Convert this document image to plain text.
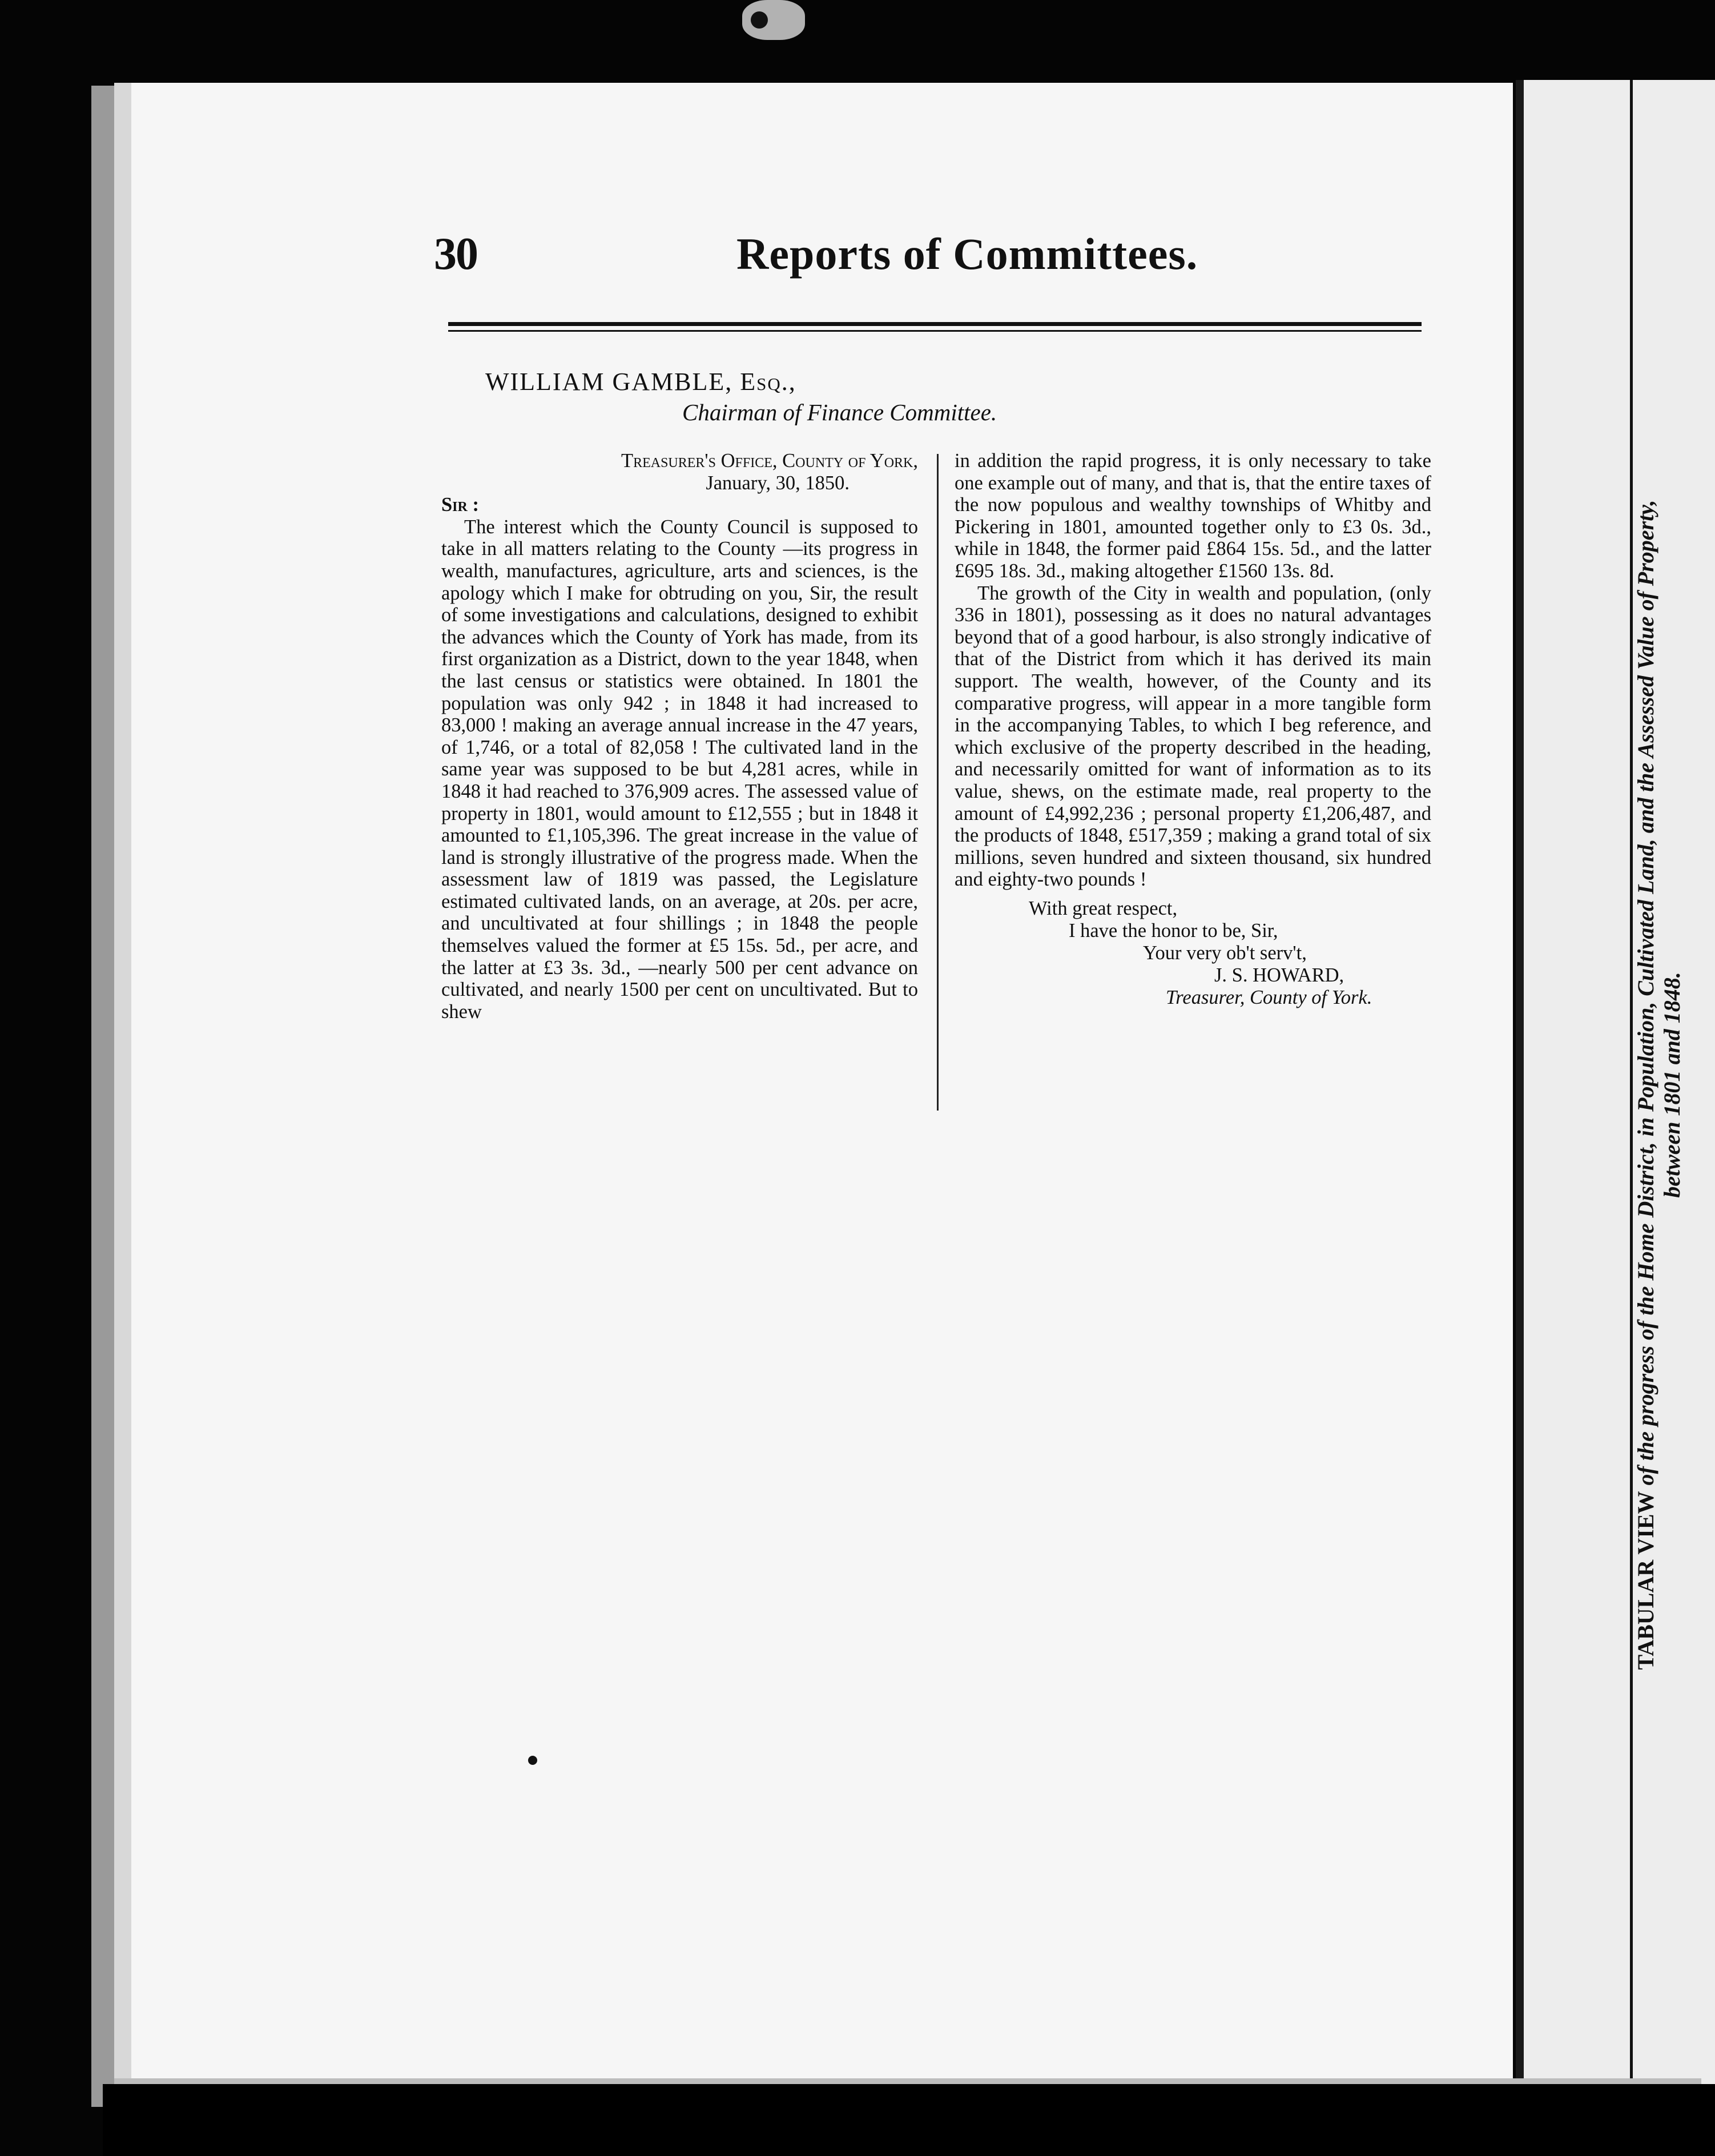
30	Reports of Committees.
WILLIAM GAMBLE, Esq.,
Chairman of Finance Committee.
Treasurer's Office, County of York,
January, 30, 1850.

Sir :

The interest which the County Council is supposed to take in all matters relating to the County —its progress in wealth, manufactures, agriculture, arts and sciences, is the apology which I make for obtruding on you, Sir, the result of some investigations and calculations, designed to exhibit the advances which the County of York has made, from its first organization as a District, down to the year 1848, when the last census or statistics were obtained. In 1801 the population was only 942 ; in 1848 it had increased to 83,000 ! making an average annual increase in the 47 years, of 1,746, or a total of 82,058 ! The cultivated land in the same year was supposed to be but 4,281 acres, while in 1848 it had reached to 376,909 acres. The assessed value of property in 1801, would amount to £12,555 ; but in 1848 it amounted to £1,105,396. The great increase in the value of land is strongly illustrative of the progress made. When the assessment law of 1819 was passed, the Legislature estimated cultivated lands, on an average, at 20s. per acre, and uncultivated at four shillings ; in 1848 the people themselves valued the former at £5 15s. 5d., per acre, and the latter at £3 3s. 3d., —nearly 500 per cent advance on cultivated, and nearly 1500 per cent on uncultivated. But to shew

in addition the rapid progress, it is only necessary to take one example out of many, and that is, that the entire taxes of the now populous and wealthy townships of Whitby and Pickering in 1801, amounted together only to £3 0s. 3d., while in 1848, the former paid £864 15s. 5d., and the latter £695 18s. 3d., making altogether £1560 13s. 8d.

The growth of the City in wealth and population, (only 336 in 1801), possessing as it does no natural advantages beyond that of a good harbour, is also strongly indicative of that of the District from which it has derived its main support. The wealth, however, of the County and its comparative progress, will appear in a more tangible form in the accompanying Tables, to which I beg reference, and which exclusive of the property described in the heading, and necessarily omitted for want of information as to its value, shews, on the estimate made, real property to the amount of £4,992,236 ; personal property £1,206,487, and the products of 1848, £517,359 ; making a grand total of six millions, seven hundred and sixteen thousand, six hundred and eighty-two pounds !

With great respect,
I have the honor to be, Sir,
Your very ob't serv't,
J. S. HOWARD,
Treasurer, County of York.
TABULAR VIEW of the progress of the Home District, in Population, Cultivated Land, and the Assessed Value of Property, between 1801 and 1848.
